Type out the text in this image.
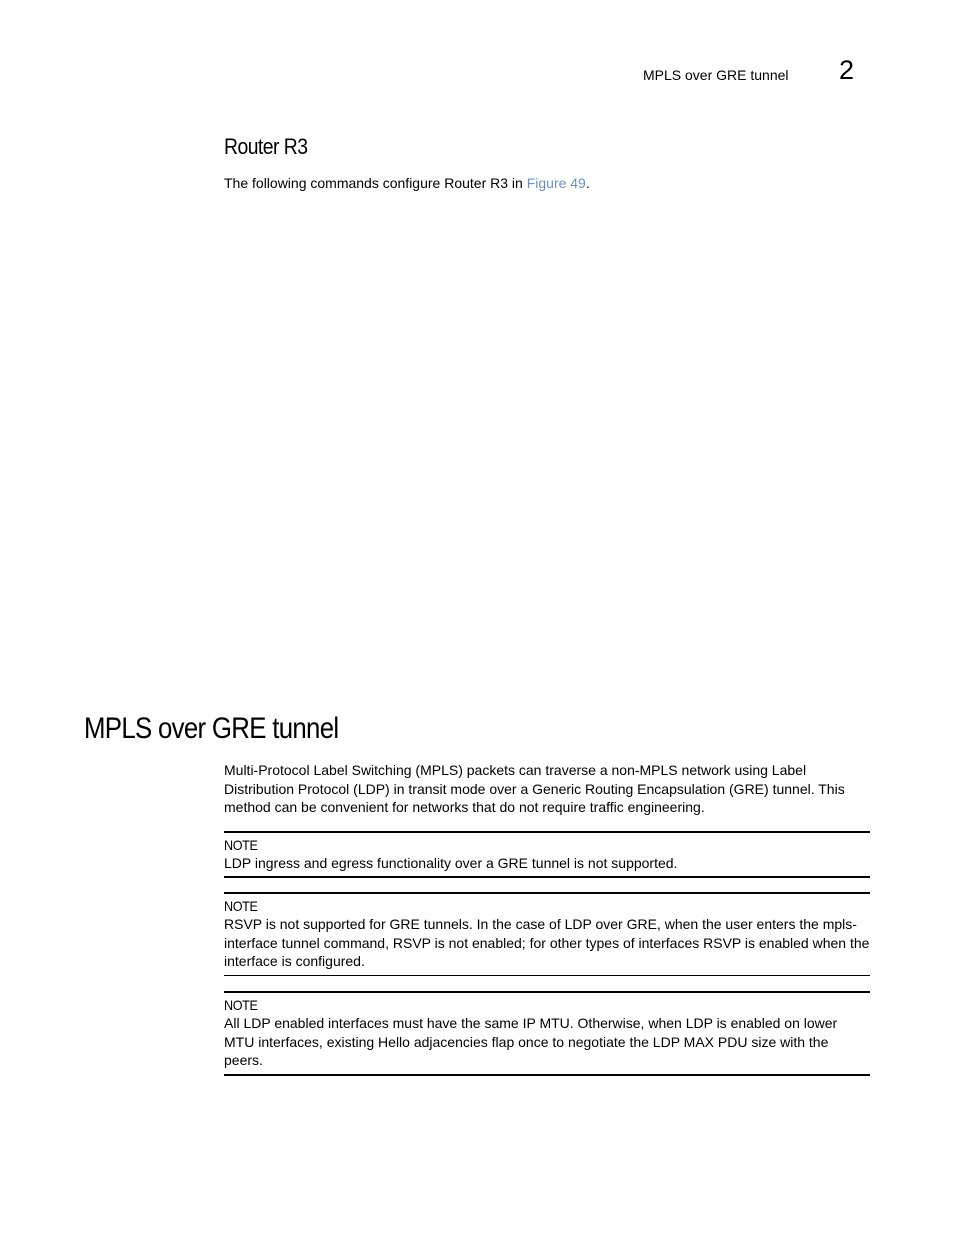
MPLS over GRE tunnel 2
Router R3
The following commands configure Router R3 in Figure 49.
MPLS over GRE tunnel
Multi-Protocol Label Switching (MPLS) packets can traverse a non-MPLS network using Label Distribution Protocol (LDP) in transit mode over a Generic Routing Encapsulation (GRE) tunnel. This method can be convenient for networks that do not require traffic engineering.
NOTE
LDP ingress and egress functionality over a GRE tunnel is not supported.
NOTE
RSVP is not supported for GRE tunnels. In the case of LDP over GRE, when the user enters the mpls-interface tunnel command, RSVP is not enabled; for other types of interfaces RSVP is enabled when the interface is configured.
NOTE
All LDP enabled interfaces must have the same IP MTU. Otherwise, when LDP is enabled on lower MTU interfaces, existing Hello adjacencies flap once to negotiate the LDP MAX PDU size with the peers.
